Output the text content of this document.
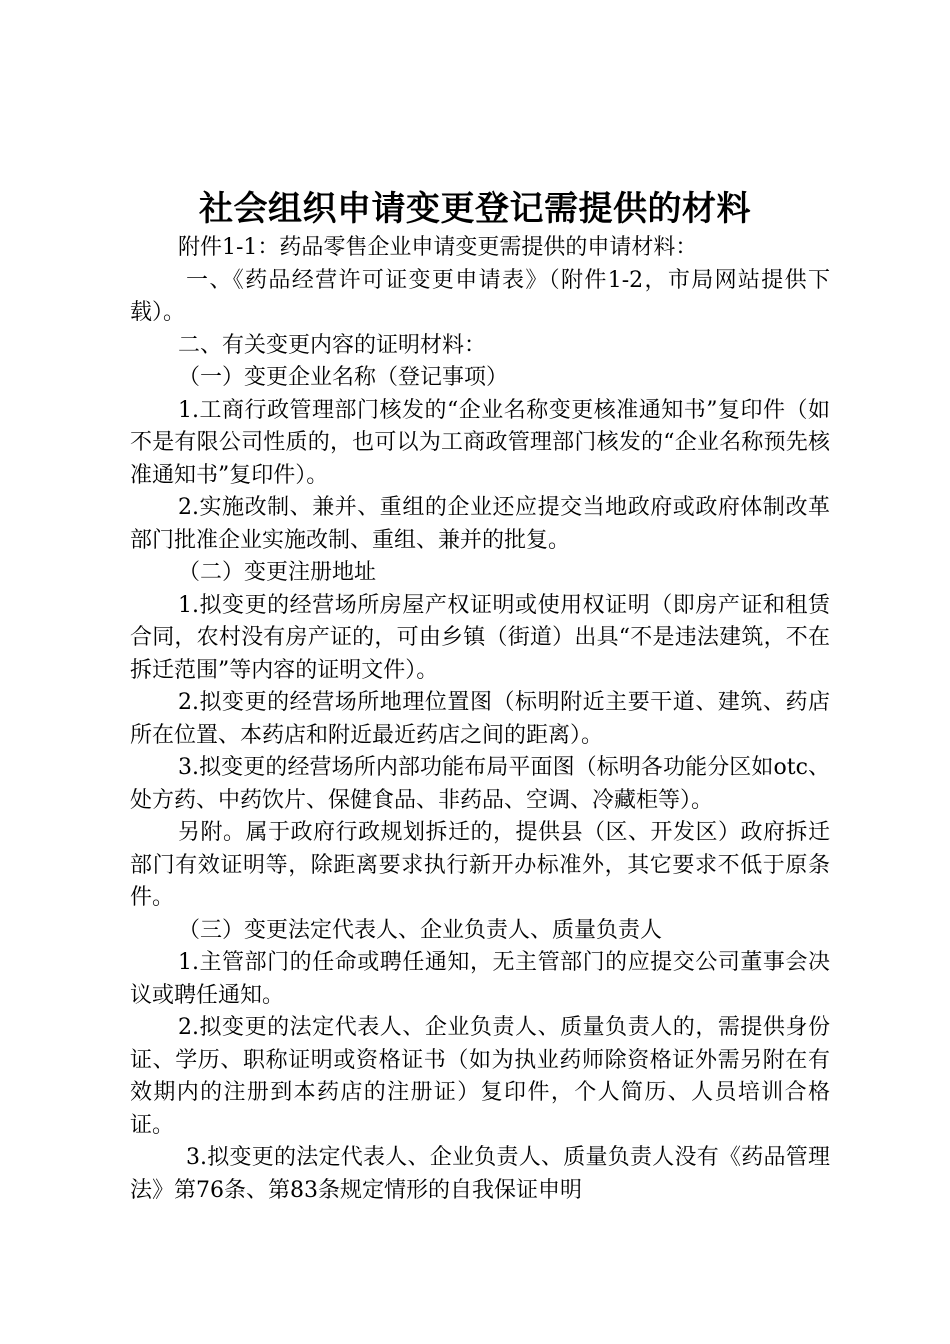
社会组织申请变更登记需提供的材料

附件1-1：药品零售企业申请变更需提供的申请材料：

一、《药品经营许可证变更申请表》（附件1-2，市局网站提供下载）。

二、有关变更内容的证明材料：

（一）变更企业名称（登记事项）

1.工商行政管理部门核发的“企业名称变更核准通知书”复印件（如不是有限公司性质的，也可以为工商政管理部门核发的“企业名称预先核准通知书”复印件）。

2.实施改制、兼并、重组的企业还应提交当地政府或政府体制改革部门批准企业实施改制、重组、兼并的批复。

（二）变更注册地址

1.拟变更的经营场所房屋产权证明或使用权证明（即房产证和租赁合同，农村没有房产证的，可由乡镇（街道）出具“不是违法建筑，不在拆迁范围”等内容的证明文件）。

2.拟变更的经营场所地理位置图（标明附近主要干道、建筑、药店所在位置、本药店和附近最近药店之间的距离）。

3.拟变更的经营场所内部功能布局平面图（标明各功能分区如otc、处方药、中药饮片、保健食品、非药品、空调、冷藏柜等）。

另附。属于政府行政规划拆迁的，提供县（区、开发区）政府拆迁部门有效证明等，除距离要求执行新开办标准外，其它要求不低于原条件。

（三）变更法定代表人、企业负责人、质量负责人

1.主管部门的任命或聘任通知，无主管部门的应提交公司董事会决议或聘任通知。

2.拟变更的法定代表人、企业负责人、质量负责人的，需提供身份证、学历、职称证明或资格证书（如为执业药师除资格证外需另附在有效期内的注册到本药店的注册证）复印件，个人简历、人员培训合格证。

3.拟变更的法定代表人、企业负责人、质量负责人没有《药品管理法》第76条、第83条规定情形的自我保证申明
